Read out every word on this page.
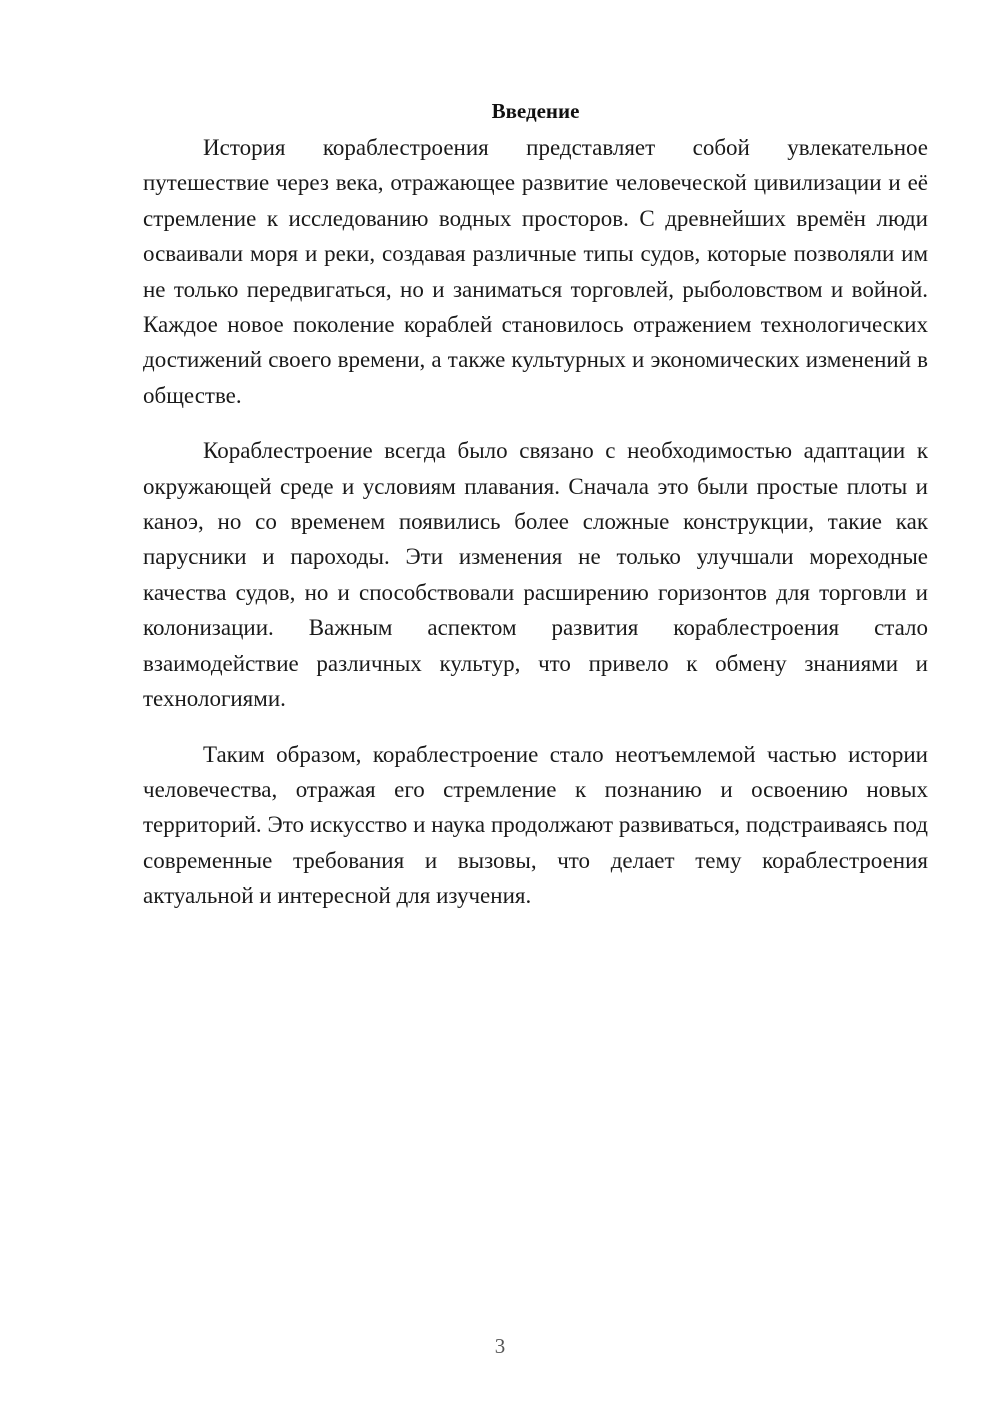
Введение

История кораблестроения представляет собой увлекательное путешествие через века, отражающее развитие человеческой цивилизации и её стремление к исследованию водных просторов. С древнейших времён люди осваивали моря и реки, создавая различные типы судов, которые позволяли им не только передвигаться, но и заниматься торговлей, рыболовством и войной. Каждое новое поколение кораблей становилось отражением технологических достижений своего времени, а также культурных и экономических изменений в обществе.

Кораблестроение всегда было связано с необходимостью адаптации к окружающей среде и условиям плавания. Сначала это были простые плоты и каноэ, но со временем появились более сложные конструкции, такие как парусники и пароходы. Эти изменения не только улучшали мореходные качества судов, но и способствовали расширению горизонтов для торговли и колонизации. Важным аспектом развития кораблестроения стало взаимодействие различных культур, что привело к обмену знаниями и технологиями.

Таким образом, кораблестроение стало неотъемлемой частью истории человечества, отражая его стремление к познанию и освоению новых территорий. Это искусство и наука продолжают развиваться, подстраиваясь под современные требования и вызовы, что делает тему кораблестроения актуальной и интересной для изучения.

3
